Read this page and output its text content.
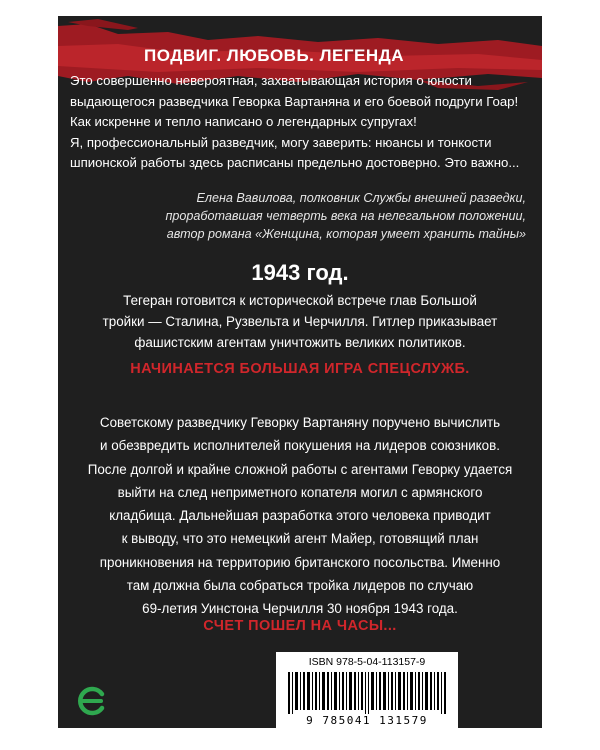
ПОДВИГ. ЛЮБОВЬ. ЛЕГЕНДА

Это совершенно невероятная, захватывающая история о юности

выдающегося разведчика Геворка Вартаняна и его боевой подруги Гоар!

Как искренне и тепло написано о легендарных супругах!

Я, профессиональный разведчик, могу заверить: нюансы и тонкости

шпионской работы здесь расписаны предельно достоверно. Это важно...

Елена Вавилова, полковник Службы внешней разведки,

проработавшая четверть века на нелегальном положении,

автор романа «Женщина, которая умеет хранить тайны»

1943 год.

Тегеран готовится к исторической встрече глав Большой

тройки — Сталина, Рузвельта и Черчилля. Гитлер приказывает

фашистским агентам уничтожить великих политиков.

НАЧИНАЕТСЯ БОЛЬШАЯ ИГРА СПЕЦСЛУЖБ.

Советскому разведчику Геворку Вартаняну поручено вычислить

и обезвредить исполнителей покушения на лидеров союзников.

После долгой и крайне сложной работы с агентами Геворку удается

выйти на след неприметного копателя могил с армянского

кладбища. Дальнейшая разработка этого человека приводит

к выводу, что это немецкий агент Майер, готовящий план

проникновения на территорию британского посольства. Именно

там должна была собраться тройка лидеров по случаю

69-летия Уинстона Черчилля 30 ноября 1943 года.

СЧЕТ ПОШЕЛ НА ЧАСЫ...

ISBN 978-5-04-113157-9
9 785041 131579
